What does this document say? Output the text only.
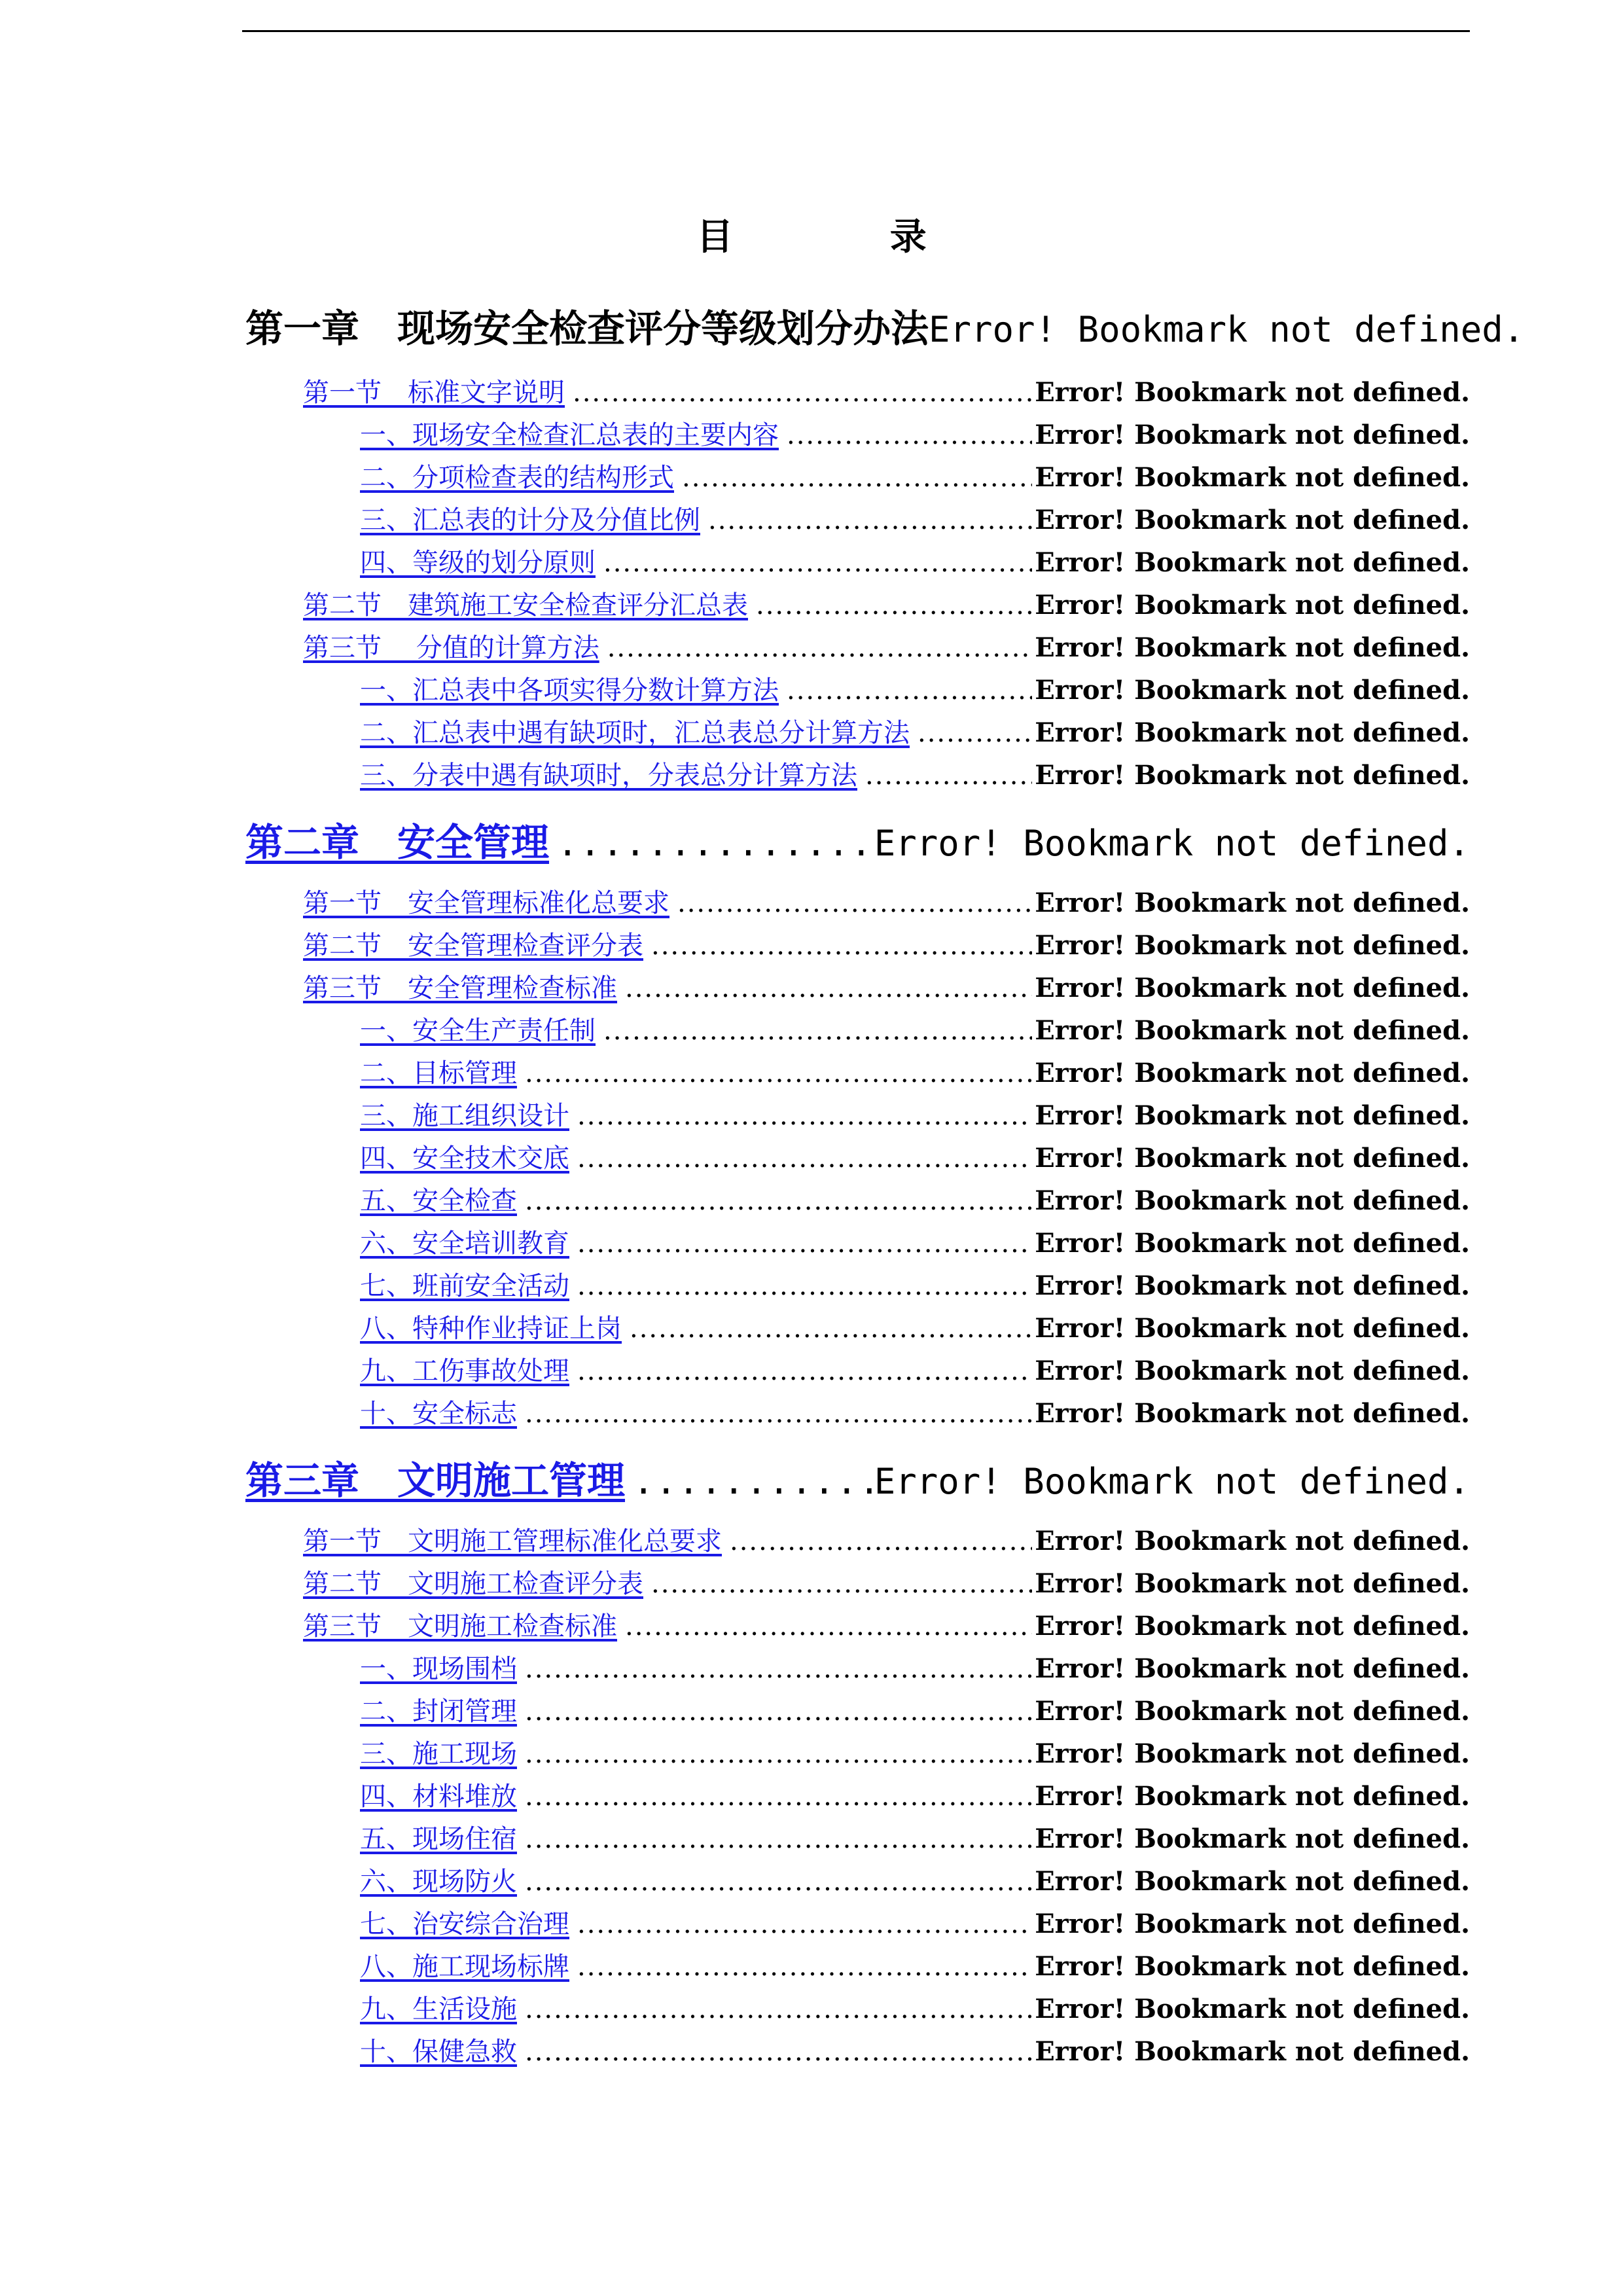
目 录
第一章　现场安全检查评分等级划分办法 Error! Bookmark not defined.
第一节　标准文字说明 .....	Error! Bookmark not defined.
一、现场安全检查汇总表的主要内容 .....	Error! Bookmark not defined.
二、分项检查表的结构形式 .....	Error! Bookmark not defined.
三、汇总表的计分及分值比例 .....	Error! Bookmark not defined.
四、等级的划分原则 .....	Error! Bookmark not defined.
第二节　建筑施工安全检查评分汇总表 .....	Error! Bookmark not defined.
第三节　 分值的计算方法 .....	Error! Bookmark not defined.
一、汇总表中各项实得分数计算方法 .....	Error! Bookmark not defined.
二、汇总表中遇有缺项时，汇总表总分计算方法 .....	Error! Bookmark not defined.
三、分表中遇有缺项时，分表总分计算方法 .....	Error! Bookmark not defined.
第二章　安全管理 .....	Error! Bookmark not defined.
第一节　安全管理标准化总要求 .....	Error! Bookmark not defined.
第二节　安全管理检查评分表 .....	Error! Bookmark not defined.
第三节　安全管理检查标准 .....	Error! Bookmark not defined.
一、安全生产责任制 .....	Error! Bookmark not defined.
二、目标管理 .....	Error! Bookmark not defined.
三、施工组织设计 .....	Error! Bookmark not defined.
四、安全技术交底 .....	Error! Bookmark not defined.
五、安全检查 .....	Error! Bookmark not defined.
六、安全培训教育 .....	Error! Bookmark not defined.
七、班前安全活动 .....	Error! Bookmark not defined.
八、特种作业持证上岗 .....	Error! Bookmark not defined.
九、工伤事故处理 .....	Error! Bookmark not defined.
十、安全标志 .....	Error! Bookmark not defined.
第三章　文明施工管理 .....	Error! Bookmark not defined.
第一节　文明施工管理标准化总要求 .....	Error! Bookmark not defined.
第二节　文明施工检查评分表 .....	Error! Bookmark not defined.
第三节　文明施工检查标准 .....	Error! Bookmark not defined.
一、现场围档 .....	Error! Bookmark not defined.
二、封闭管理 .....	Error! Bookmark not defined.
三、施工现场 .....	Error! Bookmark not defined.
四、材料堆放 .....	Error! Bookmark not defined.
五、现场住宿 .....	Error! Bookmark not defined.
六、现场防火 .....	Error! Bookmark not defined.
七、治安综合治理 .....	Error! Bookmark not defined.
八、施工现场标牌 .....	Error! Bookmark not defined.
九、生活设施 .....	Error! Bookmark not defined.
十、保健急救 .....	Error! Bookmark not defined.
